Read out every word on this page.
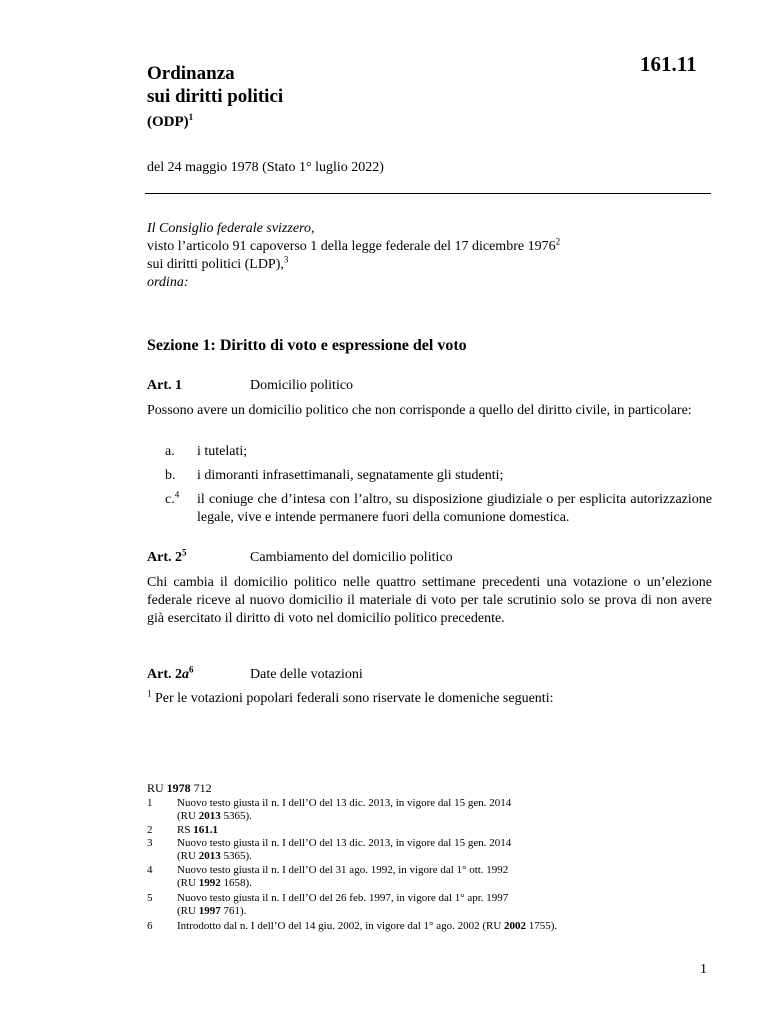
161.11
Ordinanza
sui diritti politici
(ODP)$^1$
del 24 maggio 1978 (Stato 1° luglio 2022)
Il Consiglio federale svizzero,
visto l’articolo 91 capoverso 1 della legge federale del 17 dicembre 1976$^2$
sui diritti politici (LDP),$^3$
ordina:
Sezione 1: Diritto di voto e espressione del voto
Art. 1	Domicilio politico
Possono avere un domicilio politico che non corrisponde a quello del diritto civile, in particolare:
a. i tutelati;
b. i dimoranti infrasettimanali, segnatamente gli studenti;
c.$^4$ il coniuge che d’intesa con l’altro, su disposizione giudiziale o per esplicita autorizzazione legale, vive e intende permanere fuori della comunione domestica.
Art. $2^5$	Cambiamento del domicilio politico
Chi cambia il domicilio politico nelle quattro settimane precedenti una votazione o un’elezione federale riceve al nuovo domicilio il materiale di voto per tale scrutinio solo se prova di non avere già esercitato il diritto di voto nel domicilio politico precedente.
Art. $2a^6$	Date delle votazioni
$^1$ Per le votazioni popolari federali sono riservate le domeniche seguenti:
RU 1978 712
1 Nuovo testo giusta il n. I dell’O del 13 dic. 2013, in vigore dal 15 gen. 2014
(RU 2013 5365).
2 RS 161.1
3 Nuovo testo giusta il n. I dell’O del 13 dic. 2013, in vigore dal 15 gen. 2014
(RU 2013 5365).
4 Nuovo testo giusta il n. I dell’O del 31 ago. 1992, in vigore dal 1° ott. 1992
(RU 1992 1658).
5 Nuovo testo giusta il n. I dell’O del 26 feb. 1997, in vigore dal 1° apr. 1997
(RU 1997 761).
6 Introdotto dal n. I dell’O del 14 giu. 2002, in vigore dal 1° ago. 2002 (RU 2002 1755).
1
